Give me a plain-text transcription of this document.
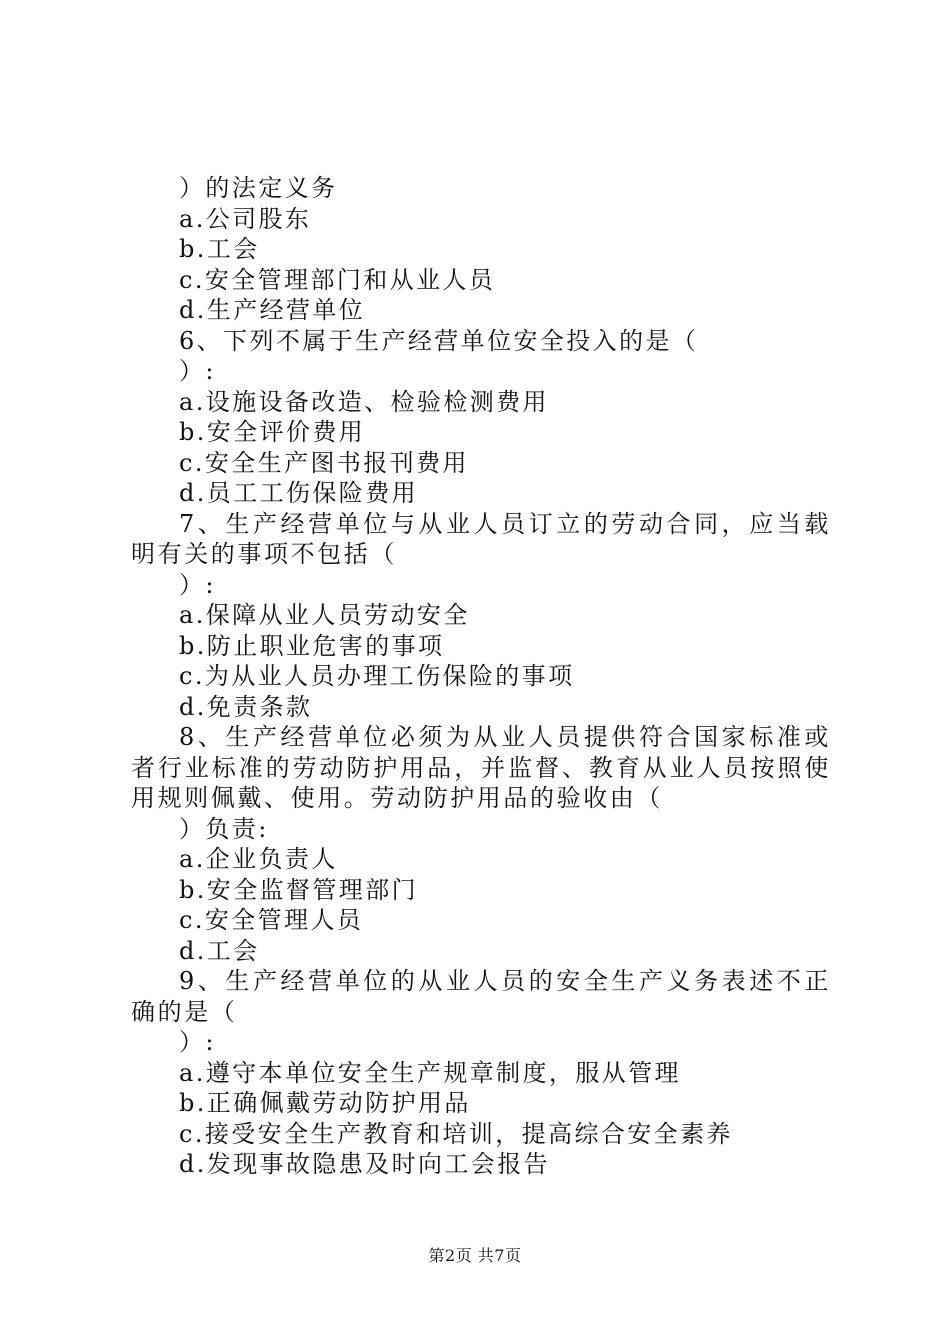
）的法定义务
a.公司股东
b.工会
c.安全管理部门和从业人员
d.生产经营单位
6、下列不属于生产经营单位安全投入的是（
）:
a.设施设备改造、检验检测费用
b.安全评价费用
c.安全生产图书报刊费用
d.员工工伤保险费用
7、生产经营单位与从业人员订立的劳动合同，应当载明有关的事项不包括（
）:
a.保障从业人员劳动安全
b.防止职业危害的事项
c.为从业人员办理工伤保险的事项
d.免责条款
8、生产经营单位必须为从业人员提供符合国家标准或者行业标准的劳动防护用品，并监督、教育从业人员按照使用规则佩戴、使用。劳动防护用品的验收由（
）负责:
a.企业负责人
b.安全监督管理部门
c.安全管理人员
d.工会
9、生产经营单位的从业人员的安全生产义务表述不正确的是（
）:
a.遵守本单位安全生产规章制度，服从管理
b.正确佩戴劳动防护用品
c.接受安全生产教育和培训，提高综合安全素养
d.发现事故隐患及时向工会报告
第2页 共7页
